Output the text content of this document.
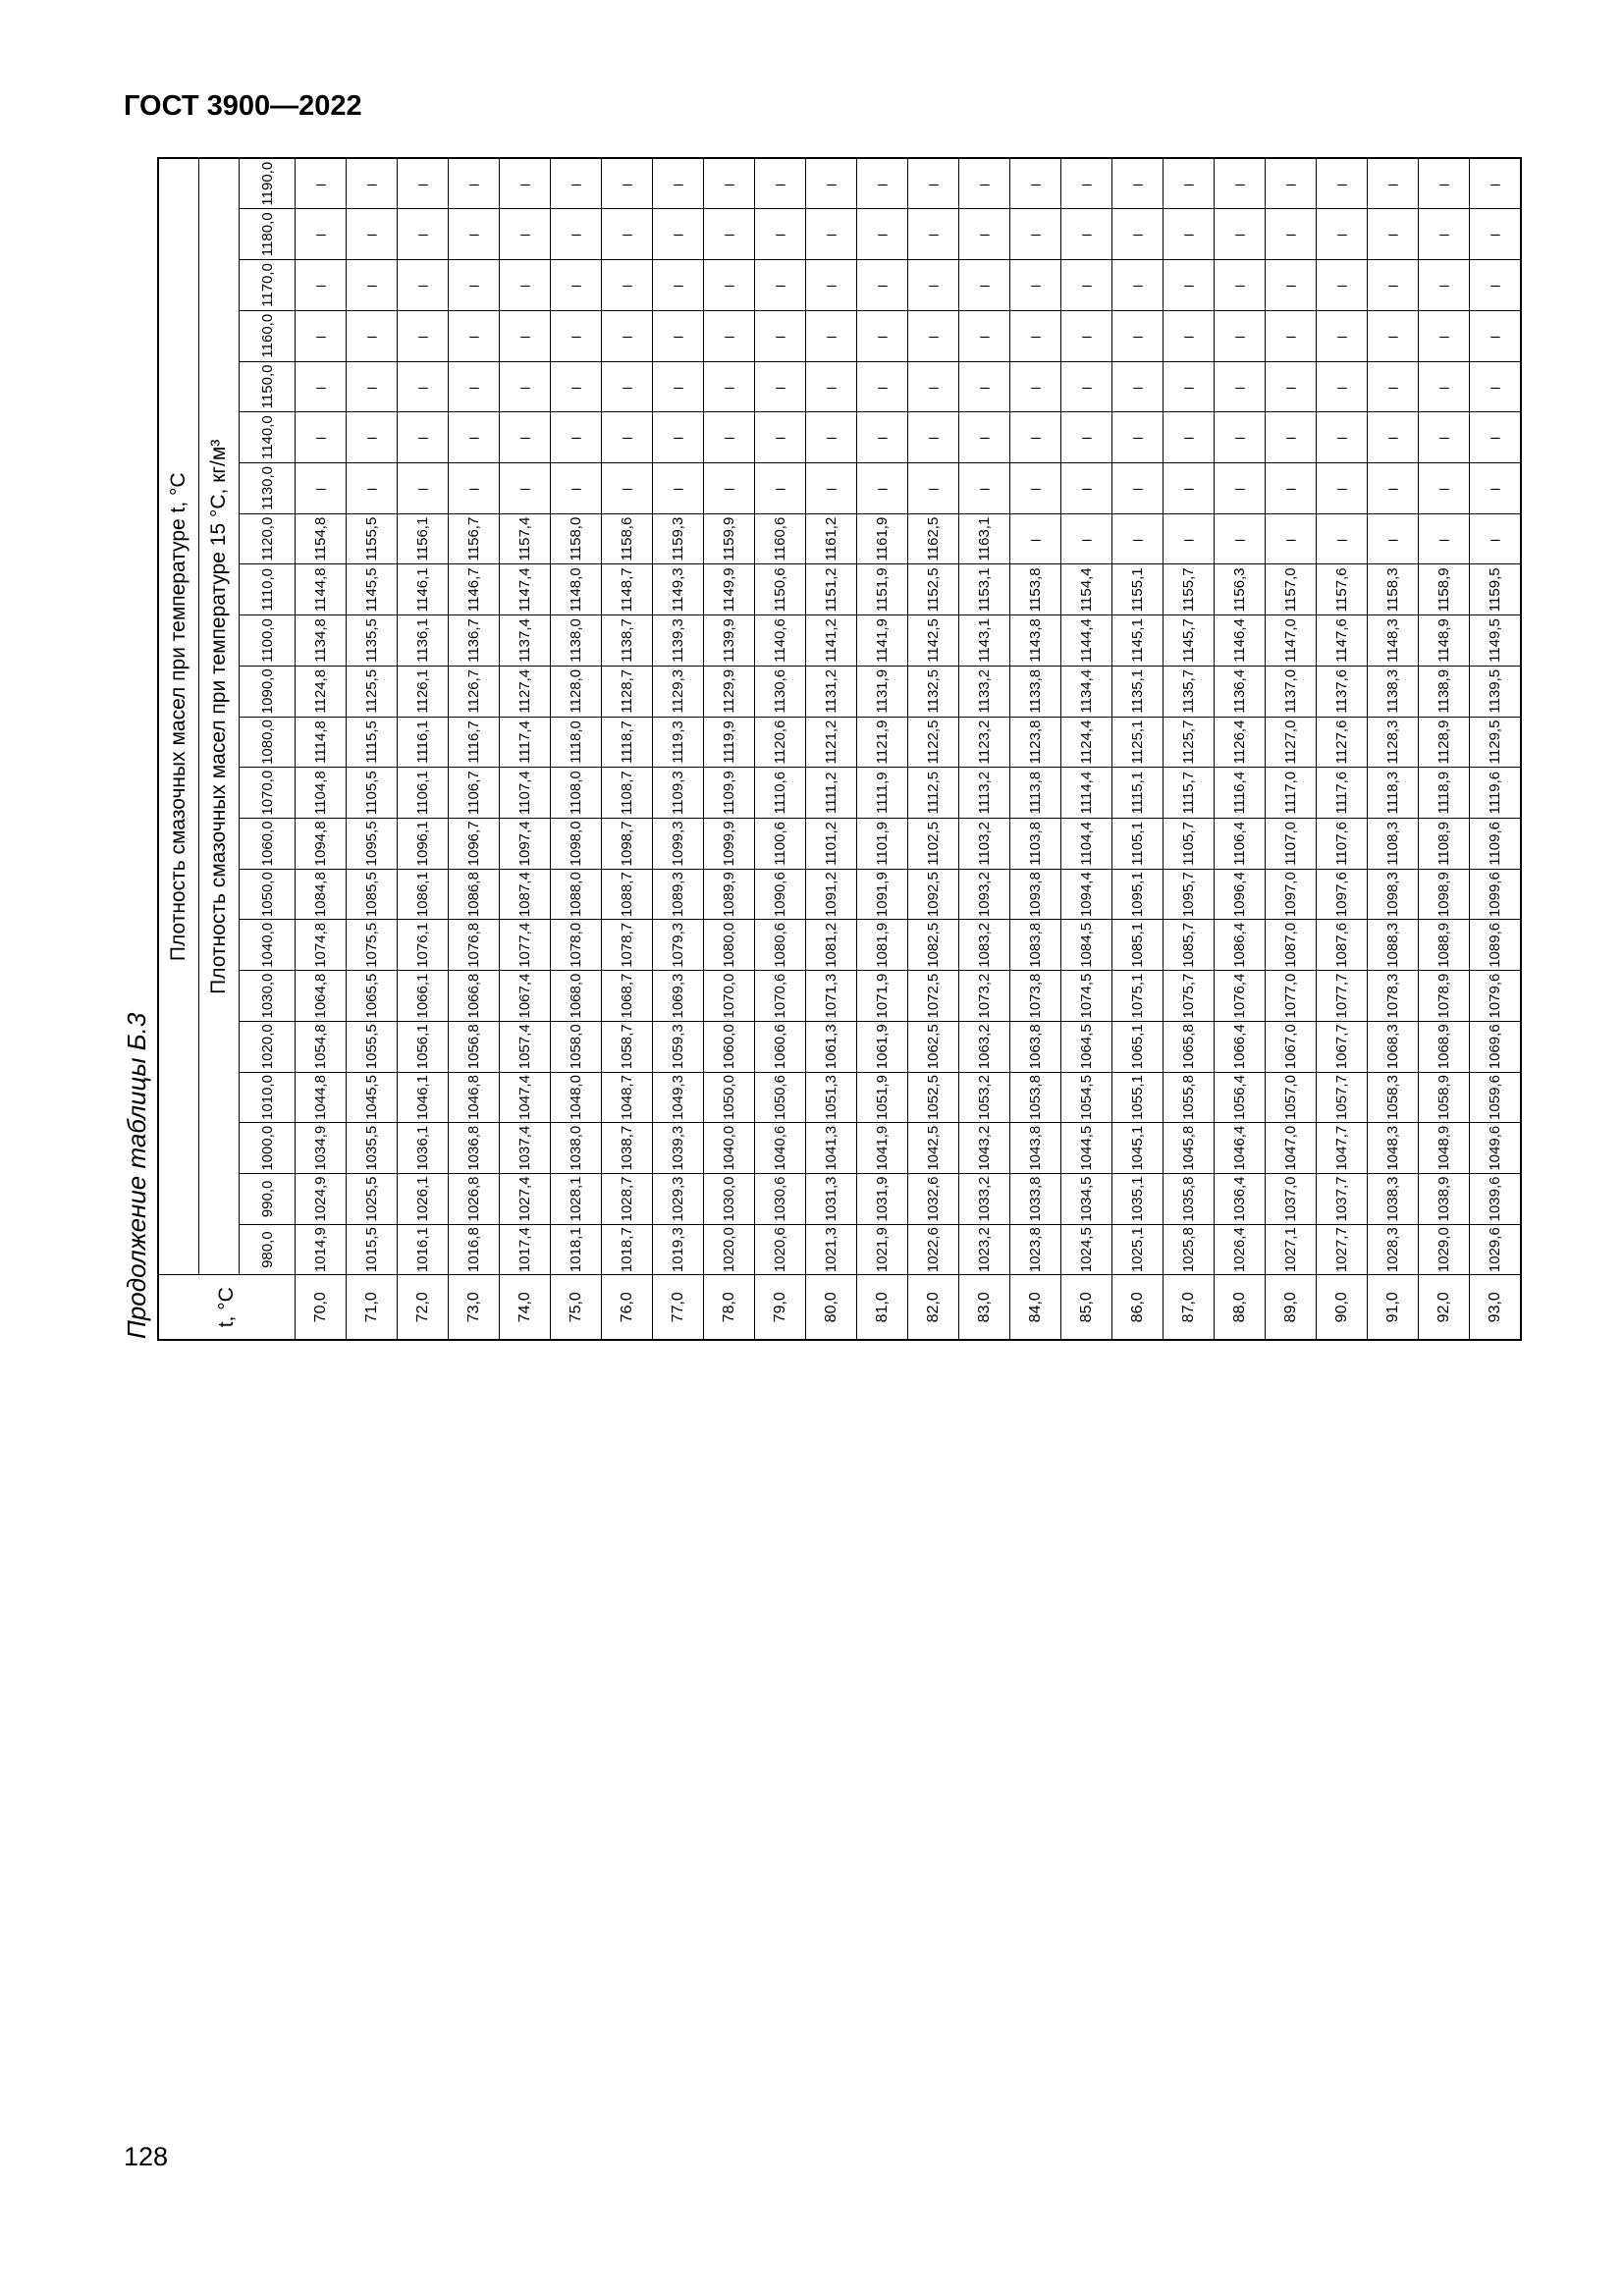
ГОСТ 3900—2022
Продолжение таблицы Б.3	t, °С	Плотность смазочных масел при температуре t, °С																					
	Плотность смазочных масел при температуре 15 °С, кг/м³																					
	980,0	990,0	1000,0	1010,0	1020,0	1030,0	1040,0	1050,0	1060,0	1070,0	1080,0	1090,0	1100,0	1110,0	1120,0	1130,0	1140,0	1150,0	1160,0	1170,0	1180,0	1190,0
70,0	1014,9	1024,9	1034,9	1044,8	1054,8	1064,8	1074,8	1084,8	1094,8	1104,8	1114,8	1124,8	1134,8	1144,8	1154,8	–	–	–	–	–	–	–
71,0	1015,5	1025,5	1035,5	1045,5	1055,5	1065,5	1075,5	1085,5	1095,5	1105,5	1115,5	1125,5	1135,5	1145,5	1155,5	–	–	–	–	–	–	–
72,0	1016,1	1026,1	1036,1	1046,1	1056,1	1066,1	1076,1	1086,1	1096,1	1106,1	1116,1	1126,1	1136,1	1146,1	1156,1	–	–	–	–	–	–	–
73,0	1016,8	1026,8	1036,8	1046,8	1056,8	1066,8	1076,8	1086,8	1096,7	1106,7	1116,7	1126,7	1136,7	1146,7	1156,7	–	–	–	–	–	–	–
74,0	1017,4	1027,4	1037,4	1047,4	1057,4	1067,4	1077,4	1087,4	1097,4	1107,4	1117,4	1127,4	1137,4	1147,4	1157,4	–	–	–	–	–	–	–
75,0	1018,1	1028,1	1038,0	1048,0	1058,0	1068,0	1078,0	1088,0	1098,0	1108,0	1118,0	1128,0	1138,0	1148,0	1158,0	–	–	–	–	–	–	–
76,0	1018,7	1028,7	1038,7	1048,7	1058,7	1068,7	1078,7	1088,7	1098,7	1108,7	1118,7	1128,7	1138,7	1148,7	1158,6	–	–	–	–	–	–	–
77,0	1019,3	1029,3	1039,3	1049,3	1059,3	1069,3	1079,3	1089,3	1099,3	1109,3	1119,3	1129,3	1139,3	1149,3	1159,3	–	–	–	–	–	–	–
78,0	1020,0	1030,0	1040,0	1050,0	1060,0	1070,0	1080,0	1089,9	1099,9	1109,9	1119,9	1129,9	1139,9	1149,9	1159,9	–	–	–	–	–	–	–
79,0	1020,6	1030,6	1040,6	1050,6	1060,6	1070,6	1080,6	1090,6	1100,6	1110,6	1120,6	1130,6	1140,6	1150,6	1160,6	–	–	–	–	–	–	–
80,0	1021,3	1031,3	1041,3	1051,3	1061,3	1071,3	1081,2	1091,2	1101,2	1111,2	1121,2	1131,2	1141,2	1151,2	1161,2	–	–	–	–	–	–	–
81,0	1021,9	1031,9	1041,9	1051,9	1061,9	1071,9	1081,9	1091,9	1101,9	1111,9	1121,9	1131,9	1141,9	1151,9	1161,9	–	–	–	–	–	–	–
82,0	1022,6	1032,6	1042,5	1052,5	1062,5	1072,5	1082,5	1092,5	1102,5	1112,5	1122,5	1132,5	1142,5	1152,5	1162,5	–	–	–	–	–	–	–
83,0	1023,2	1033,2	1043,2	1053,2	1063,2	1073,2	1083,2	1093,2	1103,2	1113,2	1123,2	1133,2	1143,1	1153,1	1163,1	–	–	–	–	–	–	–
84,0	1023,8	1033,8	1043,8	1053,8	1063,8	1073,8	1083,8	1093,8	1103,8	1113,8	1123,8	1133,8	1143,8	1153,8	–	–	–	–	–	–	–	–
85,0	1024,5	1034,5	1044,5	1054,5	1064,5	1074,5	1084,5	1094,4	1104,4	1114,4	1124,4	1134,4	1144,4	1154,4	–	–	–	–	–	–	–	–
86,0	1025,1	1035,1	1045,1	1055,1	1065,1	1075,1	1085,1	1095,1	1105,1	1115,1	1125,1	1135,1	1145,1	1155,1	–	–	–	–	–	–	–	–
87,0	1025,8	1035,8	1045,8	1055,8	1065,8	1075,7	1085,7	1095,7	1105,7	1115,7	1125,7	1135,7	1145,7	1155,7	–	–	–	–	–	–	–	–
88,0	1026,4	1036,4	1046,4	1056,4	1066,4	1076,4	1086,4	1096,4	1106,4	1116,4	1126,4	1136,4	1146,4	1156,3	–	–	–	–	–	–	–	–
89,0	1027,1	1037,0	1047,0	1057,0	1067,0	1077,0	1087,0	1097,0	1107,0	1117,0	1127,0	1137,0	1147,0	1157,0	–	–	–	–	–	–	–	–
90,0	1027,7	1037,7	1047,7	1057,7	1067,7	1077,7	1087,6	1097,6	1107,6	1117,6	1127,6	1137,6	1147,6	1157,6	–	–	–	–	–	–	–	–
91,0	1028,3	1038,3	1048,3	1058,3	1068,3	1078,3	1088,3	1098,3	1108,3	1118,3	1128,3	1138,3	1148,3	1158,3	–	–	–	–	–	–	–	–
92,0	1029,0	1038,9	1048,9	1058,9	1068,9	1078,9	1088,9	1098,9	1108,9	1118,9	1128,9	1138,9	1148,9	1158,9	–	–	–	–	–	–	–	–
93,0	1029,6	1039,6	1049,6	1059,6	1069,6	1079,6	1089,6	1099,6	1109,6	1119,6	1129,5	1139,5	1149,5	1159,5	–	–	–	–	–	–	–	–
128
